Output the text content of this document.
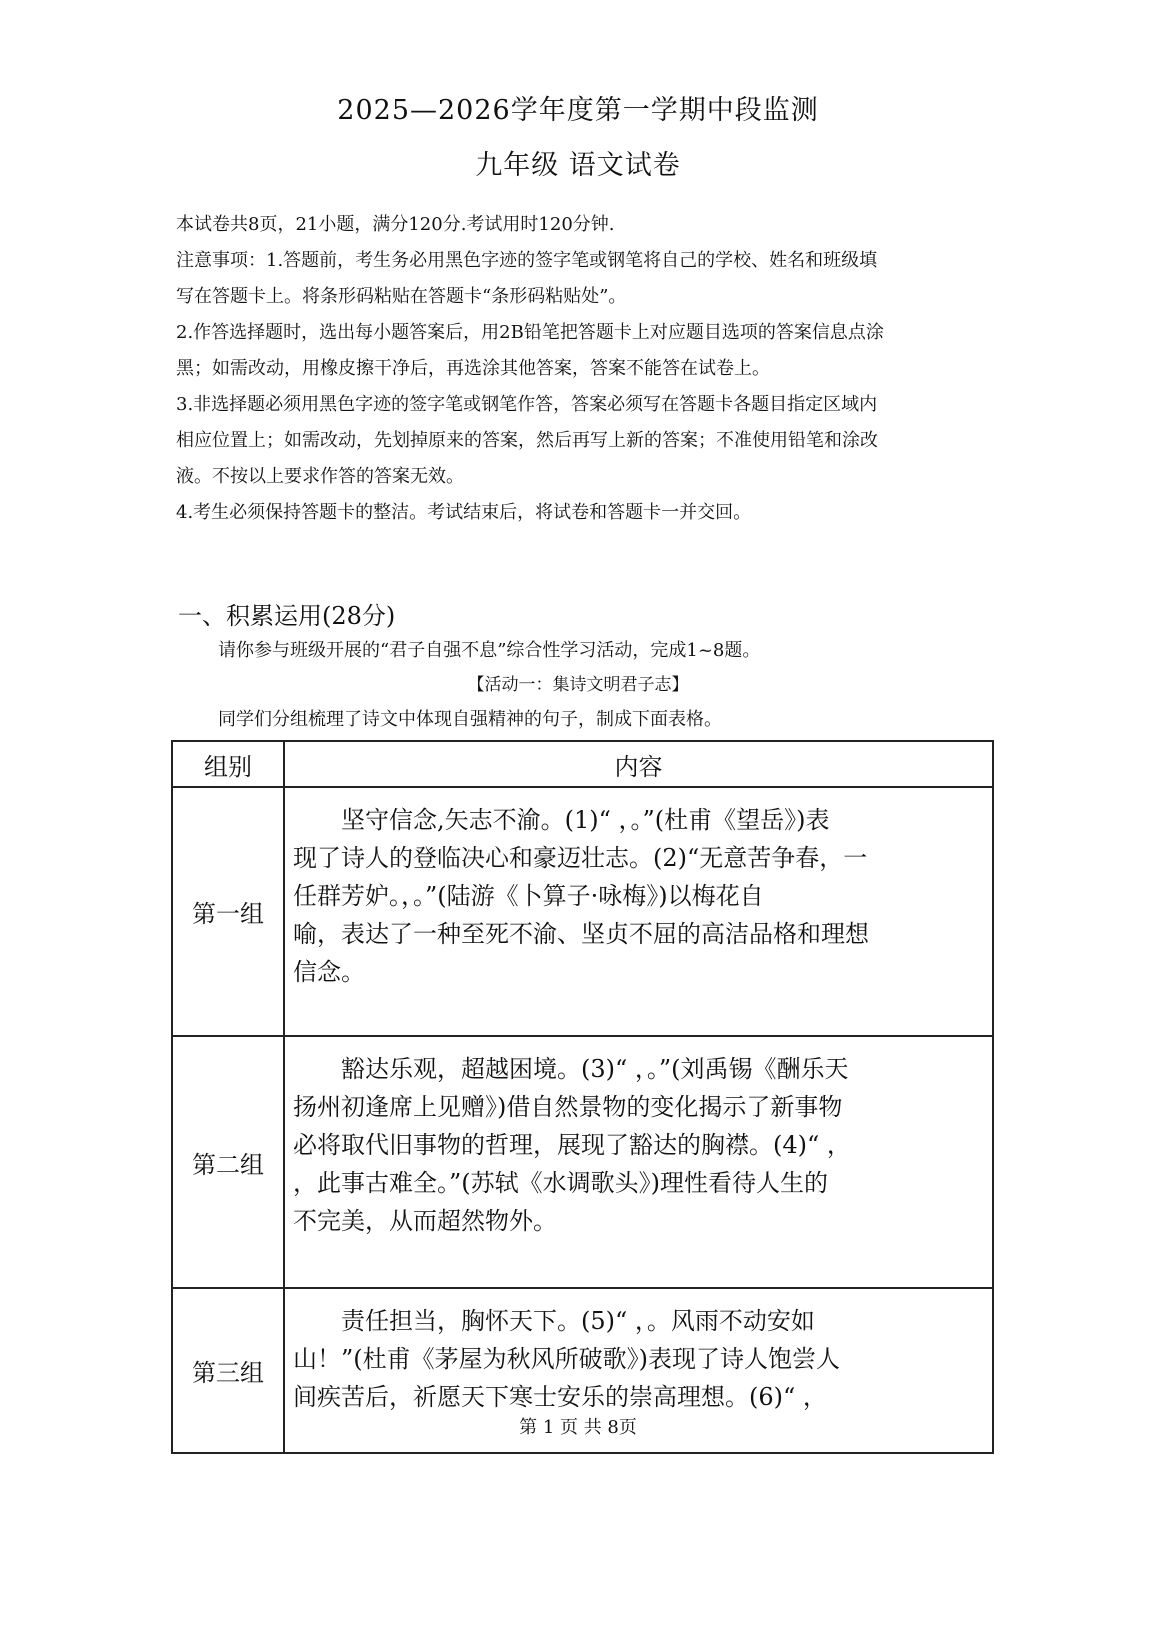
2025—2026学年度第一学期中段监测
九年级 语文试卷
本试卷共8页，21小题，满分120分.考试用时120分钟.
注意事项：1.答题前，考生务必用黑色字迹的签字笔或钢笔将自己的学校、姓名和班级填
写在答题卡上。将条形码粘贴在答题卡“条形码粘贴处”。
2.作答选择题时，选出每小题答案后，用2B铅笔把答题卡上对应题目选项的答案信息点涂
黑；如需改动，用橡皮擦干净后，再选涂其他答案，答案不能答在试卷上。
3.非选择题必须用黑色字迹的签字笔或钢笔作答，答案必须写在答题卡各题目指定区域内
相应位置上；如需改动，先划掉原来的答案，然后再写上新的答案；不准使用铅笔和涂改
液。不按以上要求作答的答案无效。
4.考生必须保持答题卡的整洁。考试结束后，将试卷和答题卡一并交回。
一、积累运用(28分)
请你参与班级开展的“君子自强不息”综合性学习活动，完成1~8题。
【活动一：集诗文明君子志】
同学们分组梳理了诗文中体现自强精神的句子，制成下面表格。
组别	内容
第一组	　　坚守信念,矢志不渝。(1)“ ，。”(杜甫《望岳》)表
现了诗人的登临决心和豪迈壮志。(2)“无意苦争春，一
任群芳妒。，。”(陆游《卜算子·咏梅》)以梅花自
喻，表达了一种至死不渝、坚贞不屈的高洁品格和理想
信念。

第二组	　　豁达乐观，超越困境。(3)“ ，。”(刘禹锡《酬乐天
扬州初逢席上见赠》)借自然景物的变化揭示了新事物
必将取代旧事物的哲理，展现了豁达的胸襟。(4)“ ，
，此事古难全。”(苏轼《水调歌头》)理性看待人生的
不完美，从而超然物外。

第三组	　　责任担当，胸怀天下。(5)“ ，。风雨不动安如
山！”(杜甫《茅屋为秋风所破歌》)表现了诗人饱尝人
间疾苦后，祈愿天下寒士安乐的崇高理想。(6)“ ，
第 1 页 共 8页
